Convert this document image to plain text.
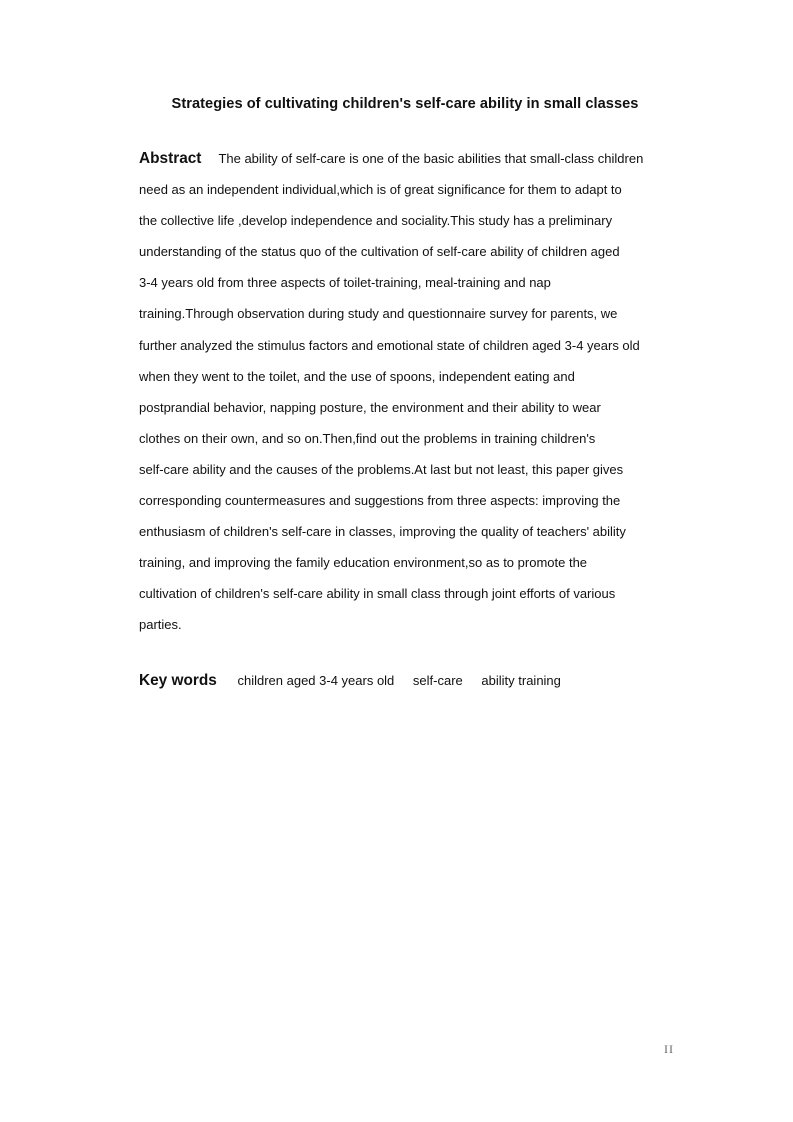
Strategies of cultivating children's self-care ability in small classes
Abstract The ability of self-care is one of the basic abilities that small-class children
need as an independent individual,which is of great significance for them to adapt to
the collective life ,develop independence and sociality.This study has a preliminary
understanding of the status quo of the cultivation of self-care ability of children aged
3-4 years old from three aspects of toilet-training, meal-training and nap
training.Through observation during study and questionnaire survey for parents, we
further analyzed the stimulus factors and emotional state of children aged 3-4 years old
when they went to the toilet, and the use of spoons, independent eating and
postprandial behavior, napping posture, the environment and their ability to wear
clothes on their own, and so on.Then,find out the problems in training children's
self-care ability and the causes of the problems.At last but not least, this paper gives
corresponding countermeasures and suggestions from three aspects: improving the
enthusiasm of children's self-care in classes, improving the quality of teachers' ability
training, and improving the family education environment,so as to promote the
cultivation of children's self-care ability in small class through joint efforts of various
parties.
Key words children aged 3-4 years old self-care ability training
II
